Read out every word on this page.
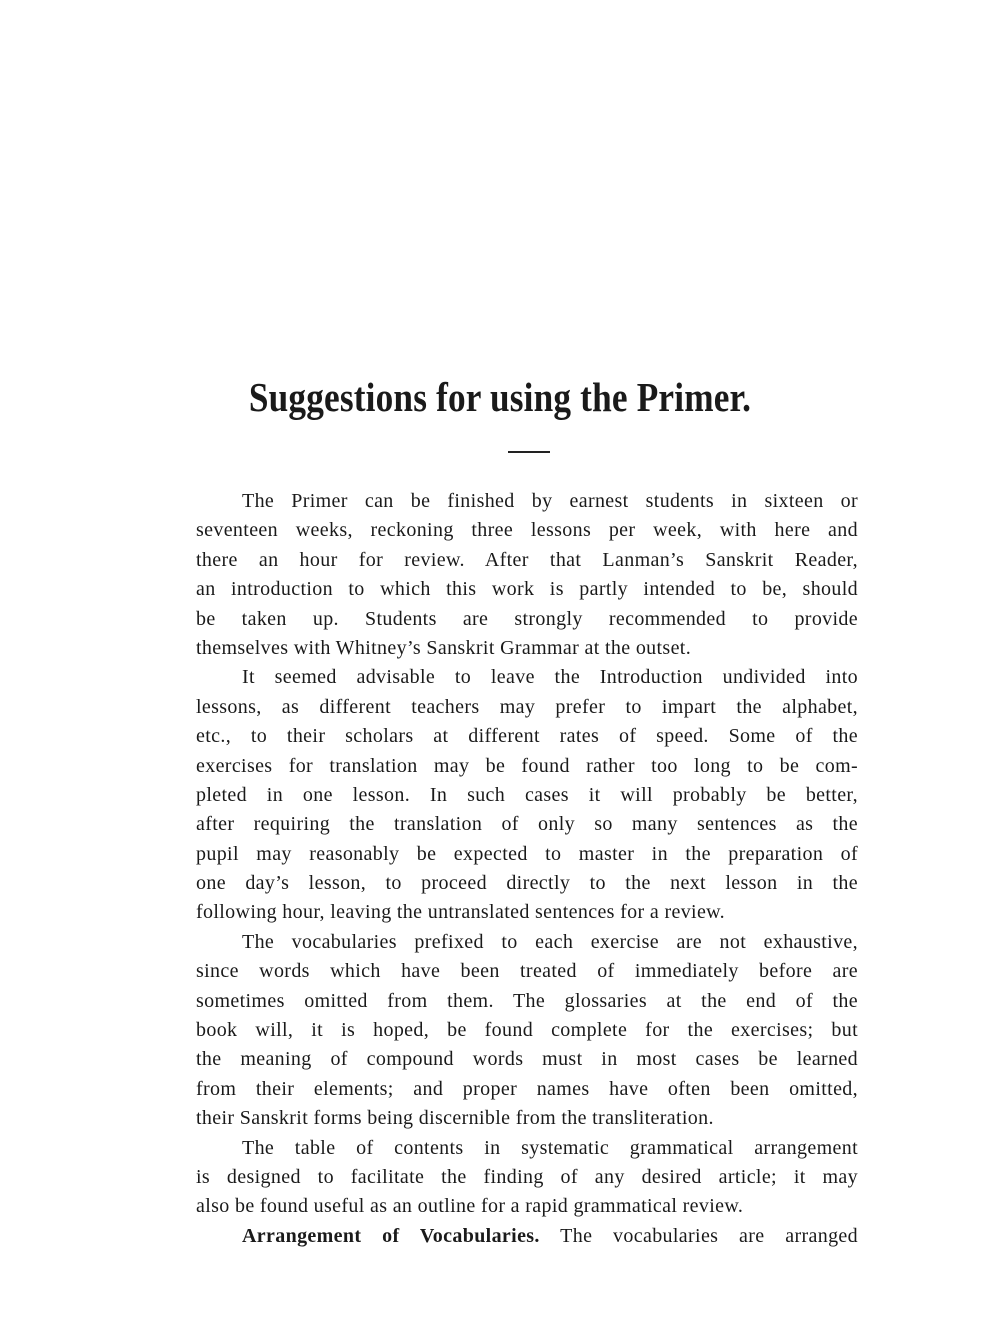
Suggestions for using the Primer.
The Primer can be finished by earnest students in sixteen or
seventeen weeks, reckoning three lessons per week, with here and
there an hour for review. After that Lanman’s Sanskrit Reader,
an introduction to which this work is partly intended to be, should
be taken up. Students are strongly recommended to provide
themselves with Whitney’s Sanskrit Grammar at the outset.
It seemed advisable to leave the Introduction undivided into
lessons, as different teachers may prefer to impart the alphabet,
etc., to their scholars at different rates of speed. Some of the
exercises for translation may be found rather too long to be com-
pleted in one lesson. In such cases it will probably be better,
after requiring the translation of only so many sentences as the
pupil may reasonably be expected to master in the preparation of
one day’s lesson, to proceed directly to the next lesson in the
following hour, leaving the untranslated sentences for a review.
The vocabularies prefixed to each exercise are not exhaustive,
since words which have been treated of immediately before are
sometimes omitted from them. The glossaries at the end of the
book will, it is hoped, be found complete for the exercises; but
the meaning of compound words must in most cases be learned
from their elements; and proper names have often been omitted,
their Sanskrit forms being discernible from the transliteration.
The table of contents in systematic grammatical arrangement
is designed to facilitate the finding of any desired article; it may
also be found useful as an outline for a rapid grammatical review.
Arrangement of Vocabularies. The vocabularies are arranged
